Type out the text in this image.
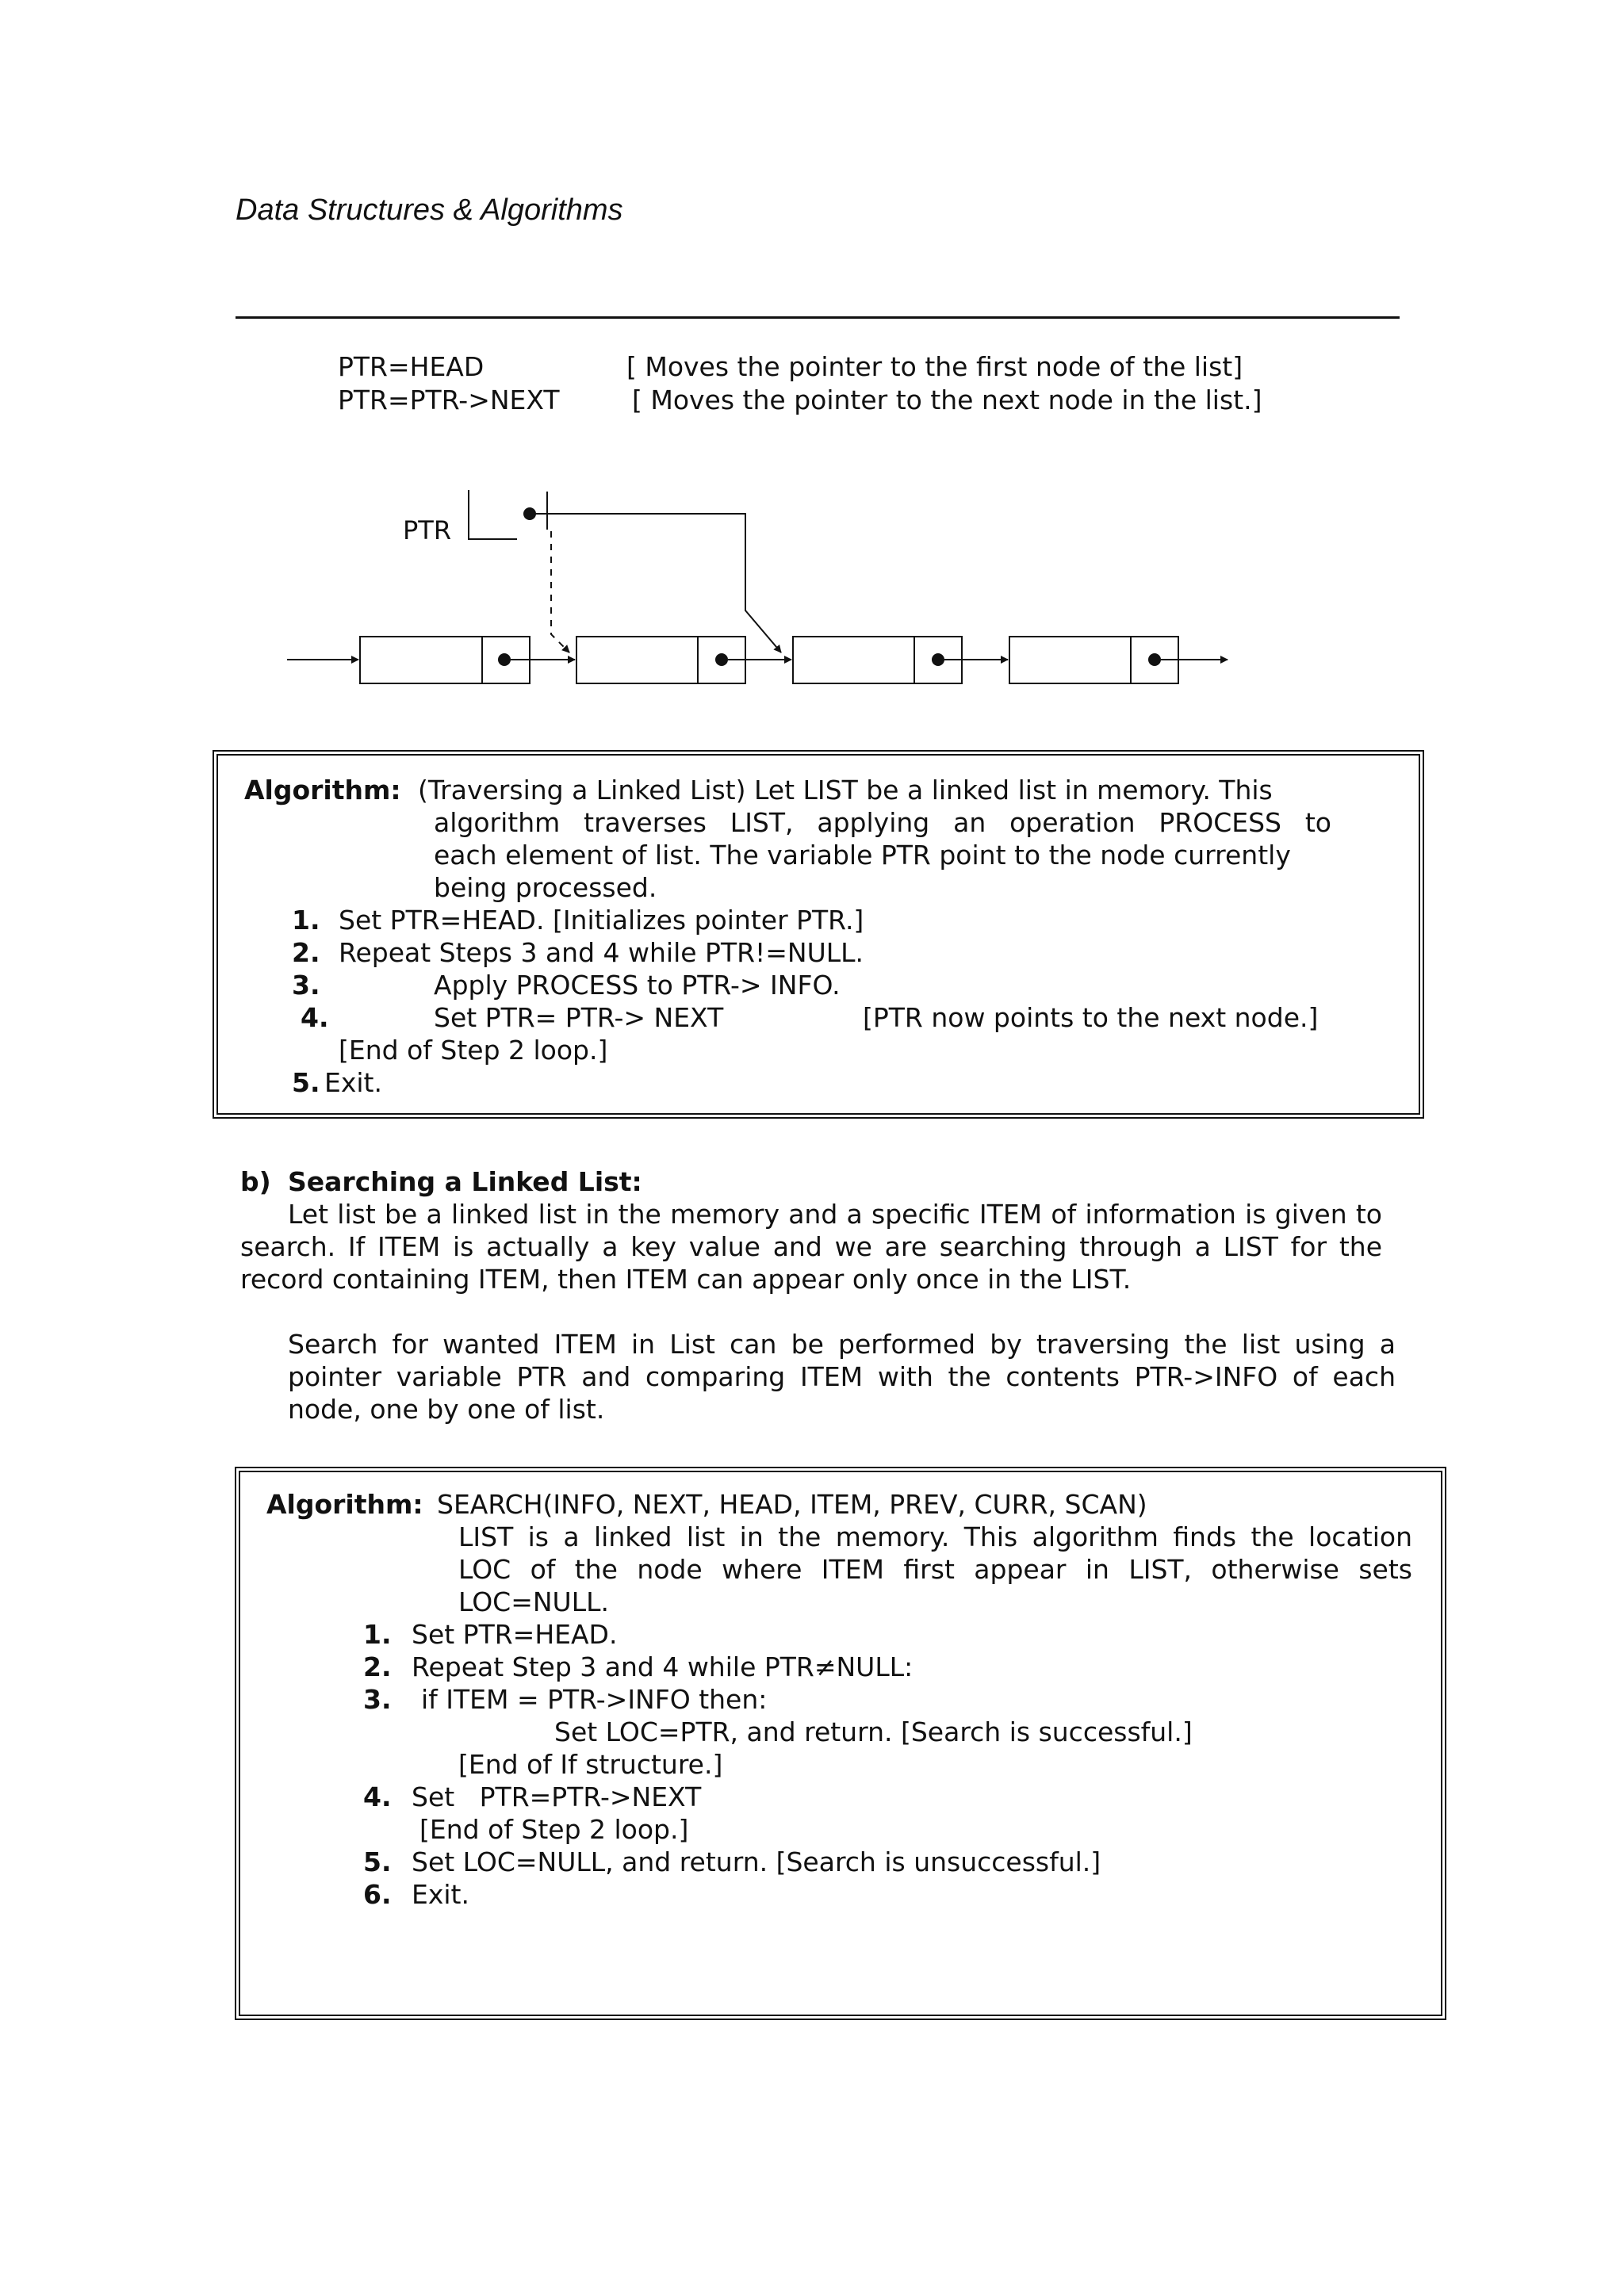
Data Structures & Algorithms
PTR=HEAD	[ Moves the pointer to the first node of the list]
PTR=PTR->NEXT	[ Moves the pointer to the next node in the list.]
PTR
Algorithm: (Traversing a Linked List) Let LIST be a linked list in memory. This
algorithm traverses LIST, applying an operation PROCESS to
each element of list. The variable PTR point to the node currently
being processed.
1. Set PTR=HEAD. [Initializes pointer PTR.]
2. Repeat Steps 3 and 4 while PTR!=NULL.
3.	Apply PROCESS to PTR-> INFO.
4.	Set PTR= PTR-> NEXT	[PTR now points to the next node.]
[End of Step 2 loop.]
5. Exit.
b) Searching a Linked List:
Let list be a linked list in the memory and a specific ITEM of information is given to search. If ITEM is actually a key value and we are searching through a LIST for the record containing ITEM, then ITEM can appear only once in the LIST.
Search for wanted ITEM in List can be performed by traversing the list using a pointer variable PTR and comparing ITEM with the contents PTR->INFO of each node, one by one of list.
Algorithm: SEARCH(INFO, NEXT, HEAD, ITEM, PREV, CURR, SCAN)
LIST is a linked list in the memory. This algorithm finds the location
LOC of the node where ITEM first appear in LIST, otherwise sets
LOC=NULL.
1. Set PTR=HEAD.
2. Repeat Step 3 and 4 while PTR≠NULL:
3. if ITEM = PTR->INFO then:
Set LOC=PTR, and return. [Search is successful.]
[End of If structure.]
4. Set   PTR=PTR->NEXT
[End of Step 2 loop.]
5. Set LOC=NULL, and return. [Search is unsuccessful.]
6. Exit.
